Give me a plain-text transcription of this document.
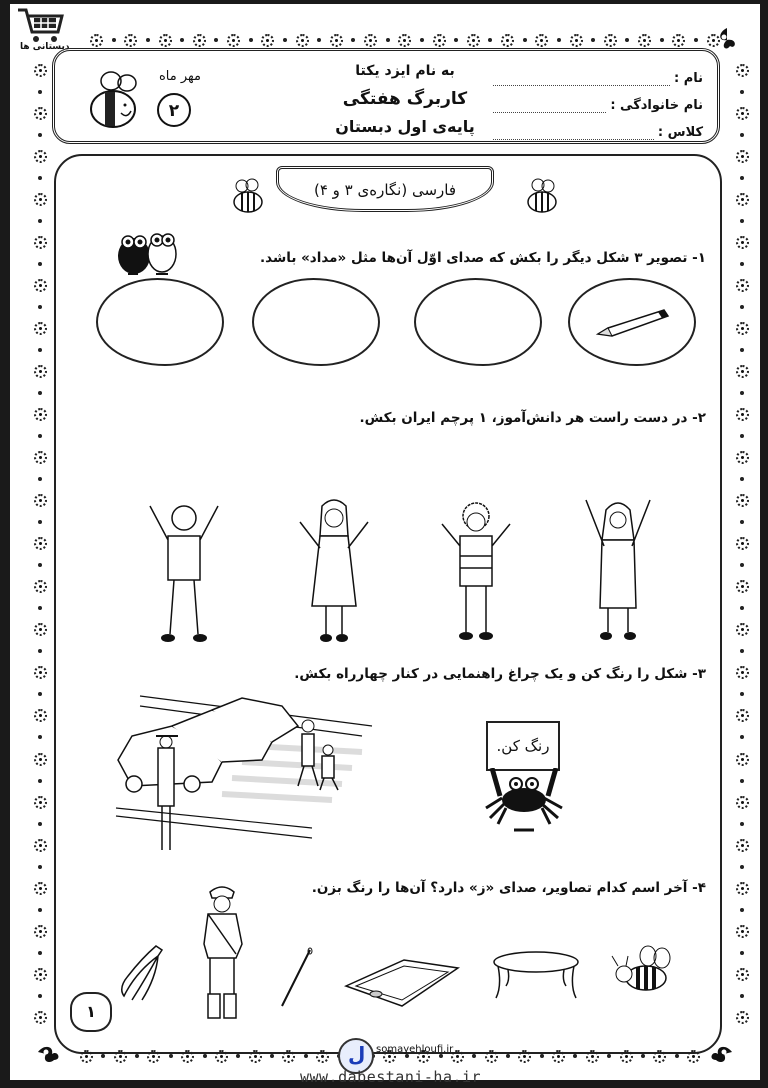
دبستانی ها
نام :
نام خانوادگی :
کلاس :
به نام ایزد یکتا
کاربرگ هفتگی
پایه‌ی اول دبستان
مهر ماه
۲
فارسی (نگاره‌ی ۳ و ۴)
۱- تصویر ۳ شکل دیگر را بکش که صدای اوّل آن‌ها مثل «مداد» باشد.
۲- در دست راست هر دانش‌آموز، ۱ پرچم ایران بکش.
۳- شکل را رنگ کن و یک چراغ راهنمایی در کنار چهارراه بکش.
رنگ کن.
۴- آخر اسم کدام تصاویر، صدای «ز» دارد؟ آن‌ها را رنگ بزن.
۱
ل
somayehloufi.ir
www.dabestani-ha.ir
